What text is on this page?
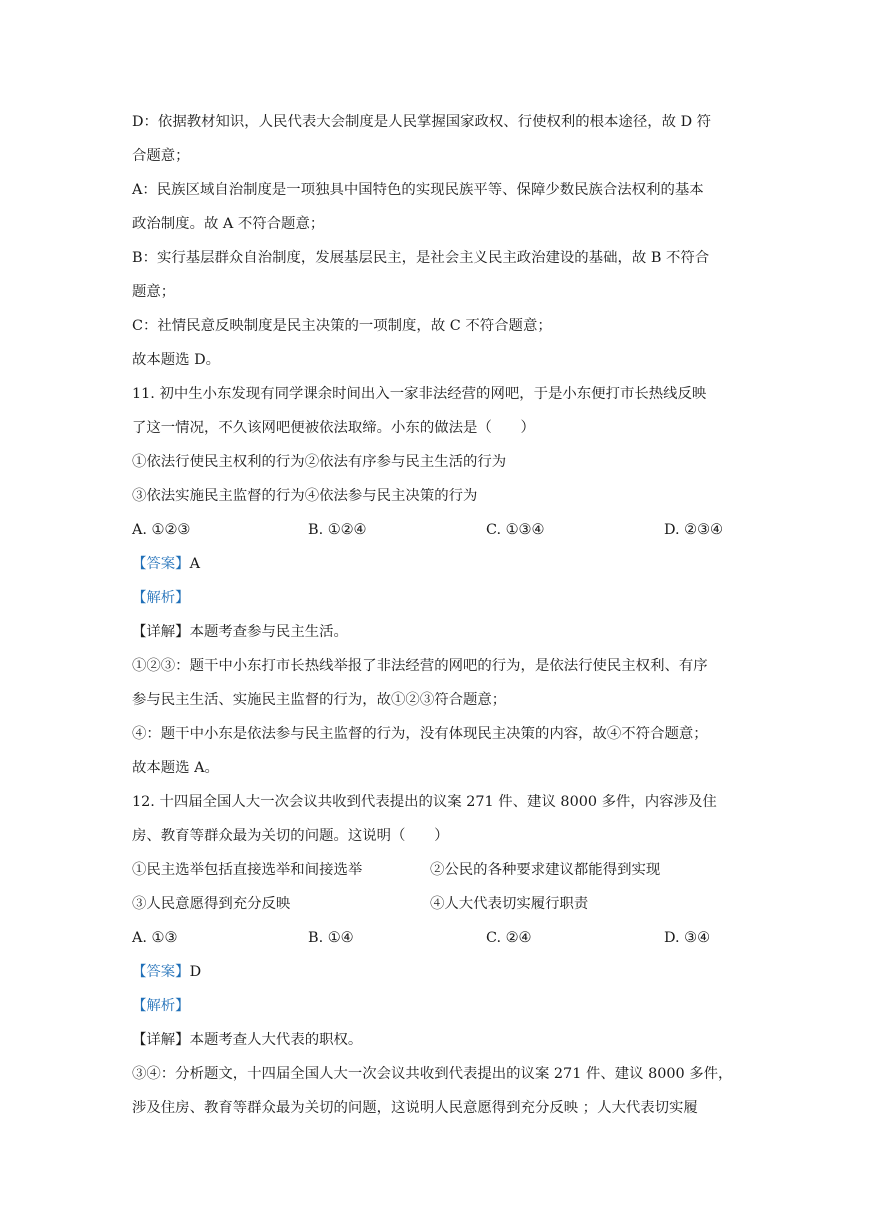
D：依据教材知识，人民代表大会制度是人民掌握国家政权、行使权利的根本途径，故 D 符
合题意；
A：民族区域自治制度是一项独具中国特色的实现民族平等、保障少数民族合法权利的基本
政治制度。故 A 不符合题意；
B：实行基层群众自治制度，发展基层民主，是社会主义民主政治建设的基础，故 B 不符合
题意；
C：社情民意反映制度是民主决策的一项制度，故 C 不符合题意；
故本题选 D。
11. 初中生小东发现有同学课余时间出入一家非法经营的网吧，于是小东便打市长热线反映
了这一情况，不久该网吧便被依法取缔。小东的做法是（　　）
①依法行使民主权利的行为②依法有序参与民主生活的行为
③依法实施民主监督的行为④依法参与民主决策的行为
A. ①②③	B. ①②④	C. ①③④	D. ②③④
【答案】A
【解析】
【详解】本题考查参与民主生活。
①②③：题干中小东打市长热线举报了非法经营的网吧的行为，是依法行使民主权利、有序
参与民主生活、实施民主监督的行为，故①②③符合题意；
④：题干中小东是依法参与民主监督的行为，没有体现民主决策的内容，故④不符合题意；
故本题选 A。
12. 十四届全国人大一次会议共收到代表提出的议案 271 件、建议 8000 多件，内容涉及住
房、教育等群众最为关切的问题。这说明（　　）
①民主选举包括直接选举和间接选举	②公民的各种要求建议都能得到实现
③人民意愿得到充分反映	④人大代表切实履行职责
A. ①③	B. ①④	C. ②④	D. ③④
【答案】D
【解析】
【详解】本题考查人大代表的职权。
③④：分析题文，十四届全国人大一次会议共收到代表提出的议案 271 件、建议 8000 多件，
涉及住房、教育等群众最为关切的问题，这说明人民意愿得到充分反映 ；人大代表切实履
